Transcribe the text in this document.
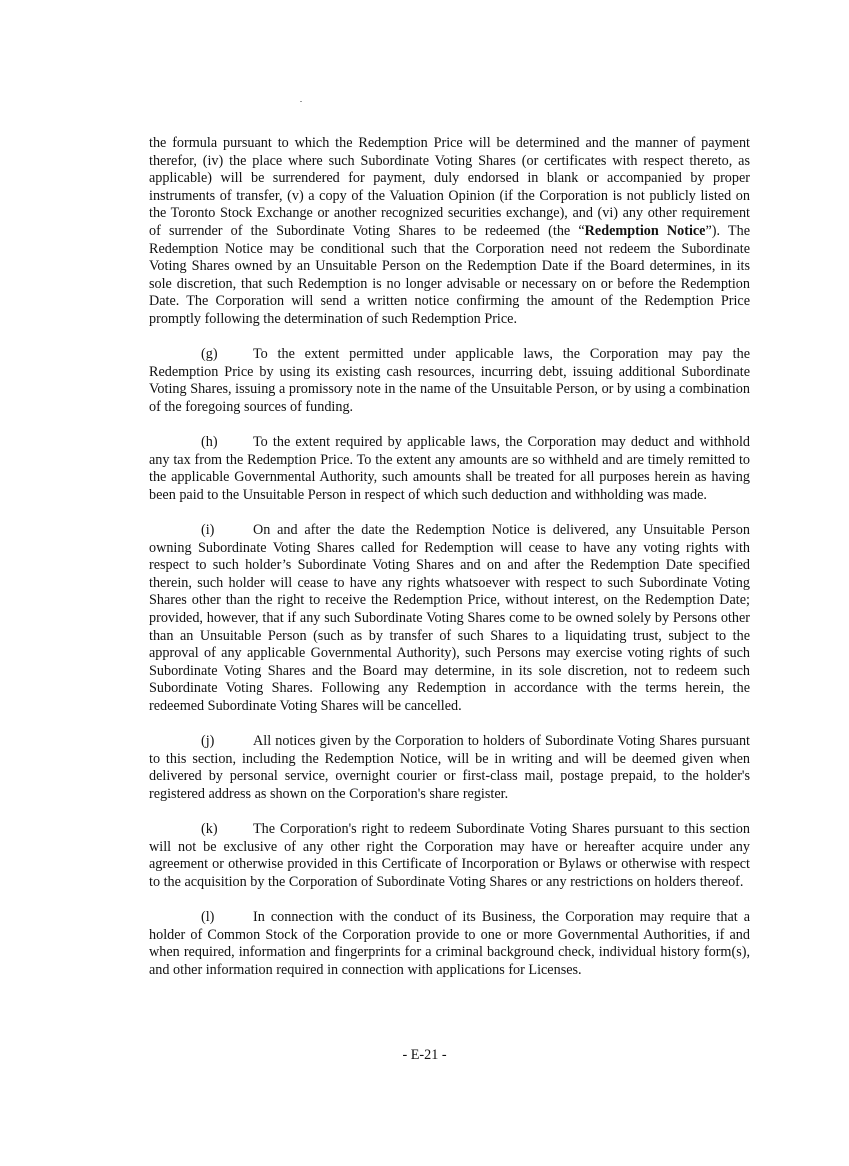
the formula pursuant to which the Redemption Price will be determined and the manner of payment therefor, (iv) the place where such Subordinate Voting Shares (or certificates with respect thereto, as applicable) will be surrendered for payment, duly endorsed in blank or accompanied by proper instruments of transfer, (v) a copy of the Valuation Opinion (if the Corporation is not publicly listed on the Toronto Stock Exchange or another recognized securities exchange), and (vi) any other requirement of surrender of the Subordinate Voting Shares to be redeemed (the “Redemption Notice”). The Redemption Notice may be conditional such that the Corporation need not redeem the Subordinate Voting Shares owned by an Unsuitable Person on the Redemption Date if the Board determines, in its sole discretion, that such Redemption is no longer advisable or necessary on or before the Redemption Date. The Corporation will send a written notice confirming the amount of the Redemption Price promptly following the determination of such Redemption Price.

(g) To the extent permitted under applicable laws, the Corporation may pay the Redemption Price by using its existing cash resources, incurring debt, issuing additional Subordinate Voting Shares, issuing a promissory note in the name of the Unsuitable Person, or by using a combination of the foregoing sources of funding.

(h) To the extent required by applicable laws, the Corporation may deduct and withhold any tax from the Redemption Price. To the extent any amounts are so withheld and are timely remitted to the applicable Governmental Authority, such amounts shall be treated for all purposes herein as having been paid to the Unsuitable Person in respect of which such deduction and withholding was made.

(i)	On and after the date the Redemption Notice is delivered, any Unsuitable Person owning Subordinate Voting Shares called for Redemption will cease to have any voting rights with respect to such holder’s Subordinate Voting Shares and on and after the Redemption Date specified therein, such holder will cease to have any rights whatsoever with respect to such Subordinate Voting Shares other than the right to receive the Redemption Price, without interest, on the Redemption Date; provided, however, that if any such Subordinate Voting Shares come to be owned solely by Persons other than an Unsuitable Person (such as by transfer of such Shares to a liquidating trust, subject to the approval of any applicable Governmental Authority), such Persons may exercise voting rights of such Subordinate Voting Shares and the Board may determine, in its sole discretion, not to redeem such Subordinate Voting Shares. Following any Redemption in accordance with the terms herein, the redeemed Subordinate Voting Shares will be cancelled.

(j)	All notices given by the Corporation to holders of Subordinate Voting Shares pursuant to this section, including the Redemption Notice, will be in writing and will be deemed given when delivered by personal service, overnight courier or first-class mail, postage prepaid, to the holder's registered address as shown on the Corporation's share register.

(k) The Corporation's right to redeem Subordinate Voting Shares pursuant to this section will not be exclusive of any other right the Corporation may have or hereafter acquire under any agreement or otherwise provided in this Certificate of Incorporation or Bylaws or otherwise with respect to the acquisition by the Corporation of Subordinate Voting Shares or any restrictions on holders thereof.

(l)	In connection with the conduct of its Business, the Corporation may require that a holder of Common Stock of the Corporation provide to one or more Governmental Authorities, if and when required, information and fingerprints for a criminal background check, individual history form(s), and other information required in connection with applications for Licenses.

- E-21 -
